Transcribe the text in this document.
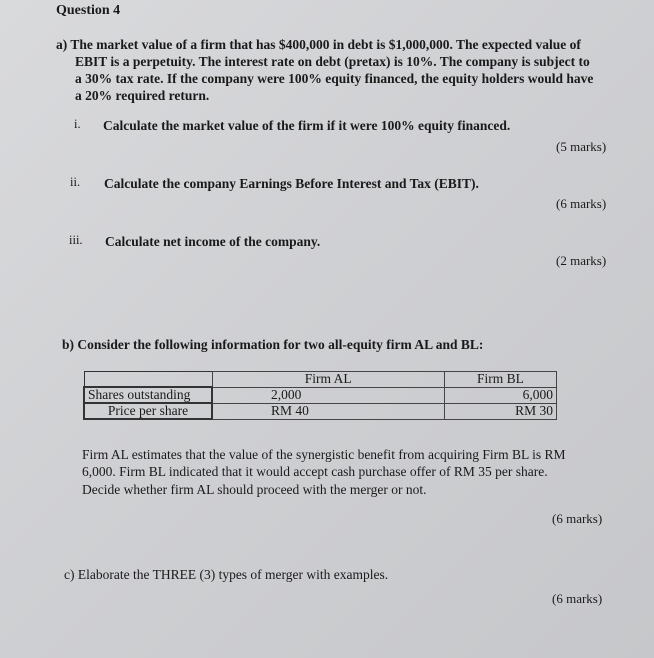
Question 4
a) The market value of a firm that has $400,000 in debt is $1,000,000. The expected value of
EBIT is a perpetuity. The interest rate on debt (pretax) is 10%. The company is subject to
a 30% tax rate. If the company were 100% equity financed, the equity holders would have
a 20% required return.
i. Calculate the market value of the firm if it were 100% equity financed.
(5 marks)
ii. Calculate the company Earnings Before Interest and Tax (EBIT).
(6 marks)
iii. Calculate net income of the company.
(2 marks)
b) Consider the following information for two all-equity firm AL and BL:
	Firm AL	Firm BL
Shares outstanding	2,000	6,000
Price per share	RM 40	RM 30
Firm AL estimates that the value of the synergistic benefit from acquiring Firm BL is RM
6,000. Firm BL indicated that it would accept cash purchase offer of RM 35 per share.
Decide whether firm AL should proceed with the merger or not.
(6 marks)
c) Elaborate the THREE (3) types of merger with examples.
(6 marks)
